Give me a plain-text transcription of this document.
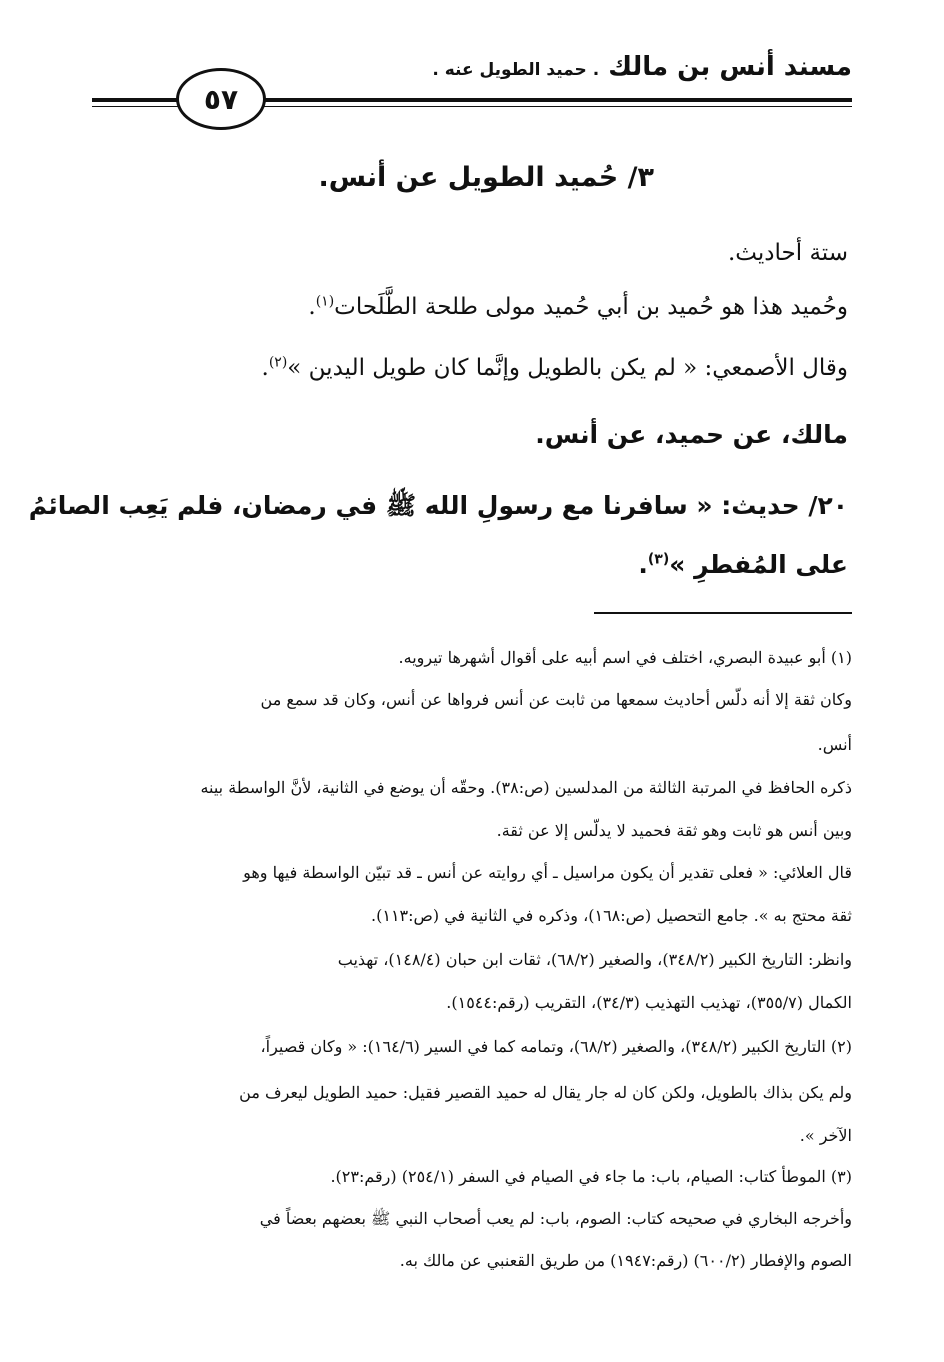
مسند أنس بن مالك . حميد الطويل عنه .
٥٧
٣/ حُميد الطويل عن أنس.
ستة أحاديث.
وحُميد هذا هو حُميد بن أبي حُميد مولى طلحة الطَّلَحات$^{(١)}$.
وقال الأصمعي: « لم يكن بالطويل وإنَّما كان طويل اليدين »$^{(٢)}$.
مالك، عن حميد، عن أنس.
٢٠/ حديث: « سافرنا مع رسولِ الله ﷺ في رمضان، فلم يَعِب الصائمُ
على المُفطرِ »$^{(٣)}$.
(١) أبو عبيدة البصري، اختلف في اسم أبيه على أقوال أشهرها تيرويه.
وكان ثقة إلا أنه دلّس أحاديث سمعها من ثابت عن أنس فرواها عن أنس، وكان قد سمع من
أنس.
ذكره الحافظ في المرتبة الثالثة من المدلسين (ص:٣٨). وحقّه أن يوضع في الثانية، لأنَّ الواسطة بينه
وبين أنس هو ثابت وهو ثقة فحميد لا يدلّس إلا عن ثقة.
قال العلائي: « فعلى تقدير أن يكون مراسيل ـ أي روايته عن أنس ـ قد تبيّن الواسطة فيها وهو
ثقة محتج به ». جامع التحصيل (ص:١٦٨)، وذكره في الثانية في (ص:١١٣).
وانظر: التاريخ الكبير (٣٤٨/٢)، والصغير (٦٨/٢)، ثقات ابن حبان (١٤٨/٤)، تهذيب
الكمال (٣٥٥/٧)، تهذيب التهذيب (٣٤/٣)، التقريب (رقم:١٥٤٤).
(٢) التاريخ الكبير (٣٤٨/٢)، والصغير (٦٨/٢)، وتمامه كما في السير (١٦٤/٦): « وكان قصيراً،
ولم يكن بذاك بالطويل، ولكن كان له جار يقال له حميد القصير فقيل: حميد الطويل ليعرف من
الآخر ».
(٣) الموطأ كتاب: الصيام، باب: ما جاء في الصيام في السفر (٢٥٤/١) (رقم:٢٣).
وأخرجه البخاري في صحيحه كتاب: الصوم، باب: لم يعب أصحاب النبي ﷺ بعضهم بعضاً في
الصوم والإفطار (٦٠٠/٢) (رقم:١٩٤٧) من طريق القعنبي عن مالك به.
